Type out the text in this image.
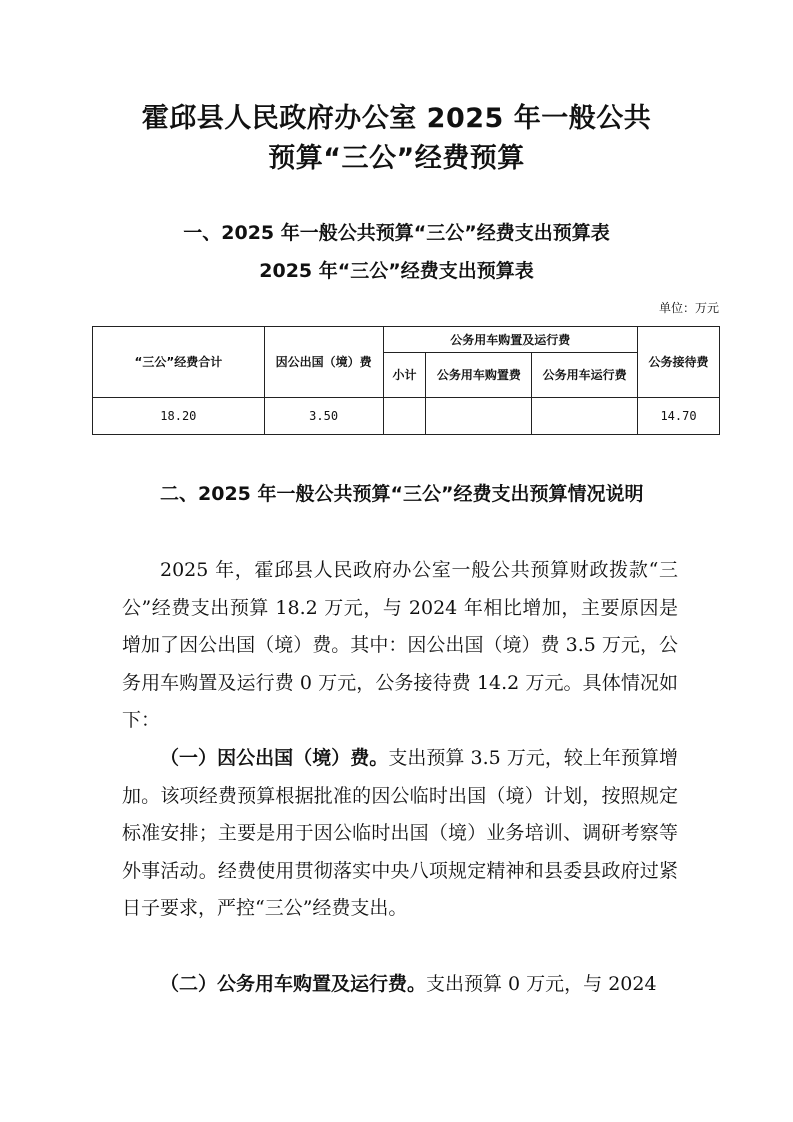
霍邱县人民政府办公室 2025 年一般公共
预算“三公”经费预算
一、2025 年一般公共预算“三公”经费支出预算表
2025 年“三公”经费支出预算表
单位：万元
“三公”经费合计	因公出国（境）费	公务用车购置及运行费			公务接待费
		小计	公务用车购置费	公务用车运行费	
18.20	3.50				14.70
二、2025 年一般公共预算“三公”经费支出预算情况说明
2025 年，霍邱县人民政府办公室一般公共预算财政拨款“三公”经费支出预算 18.2 万元，与 2024 年相比增加，主要原因是增加了因公出国（境）费。其中：因公出国（境）费 3.5 万元，公务用车购置及运行费 0 万元，公务接待费 14.2 万元。具体情况如下：
（一）因公出国（境）费。支出预算 3.5 万元，较上年预算增加。该项经费预算根据批准的因公临时出国（境）计划，按照规定标准安排；主要是用于因公临时出国（境）业务培训、调研考察等外事活动。经费使用贯彻落实中央八项规定精神和县委县政府过紧日子要求，严控“三公”经费支出。
（二）公务用车购置及运行费。支出预算 0 万元，与 2024
